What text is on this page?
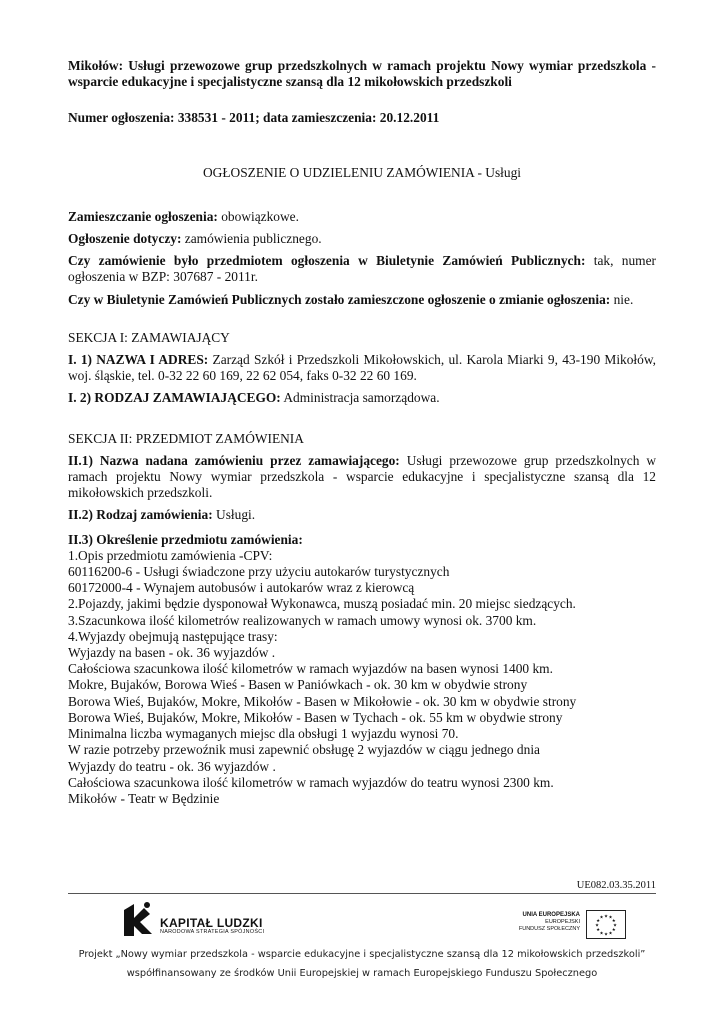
Mikołów: Usługi przewozowe grup przedszkolnych w ramach projektu Nowy wymiar przedszkola - wsparcie edukacyjne i specjalistyczne szansą dla 12 mikołowskich przedszkoli

Numer ogłoszenia: 338531 - 2011; data zamieszczenia: 20.12.2011

OGŁOSZENIE O UDZIELENIU ZAMÓWIENIA - Usługi

Zamieszczanie ogłoszenia: obowiązkowe.

Ogłoszenie dotyczy: zamówienia publicznego.

Czy zamówienie było przedmiotem ogłoszenia w Biuletynie Zamówień Publicznych: tak, numer ogłoszenia w BZP: 307687 - 2011r.

Czy w Biuletynie Zamówień Publicznych zostało zamieszczone ogłoszenie o zmianie ogłoszenia: nie.

SEKCJA I: ZAMAWIAJĄCY

I. 1) NAZWA I ADRES: Zarząd Szkół i Przedszkoli Mikołowskich, ul. Karola Miarki 9, 43-190 Mikołów, woj. śląskie, tel. 0-32 22 60 169, 22 62 054, faks 0-32 22 60 169.

I. 2) RODZAJ ZAMAWIAJĄCEGO: Administracja samorządowa.

SEKCJA II: PRZEDMIOT ZAMÓWIENIA

II.1) Nazwa nadana zamówieniu przez zamawiającego: Usługi przewozowe grup przedszkolnych w ramach projektu Nowy wymiar przedszkola - wsparcie edukacyjne i specjalistyczne szansą dla 12 mikołowskich przedszkoli.

II.2) Rodzaj zamówienia: Usługi.

II.3) Określenie przedmiotu zamówienia:

1.Opis przedmiotu zamówienia -CPV:
60116200-6 - Usługi świadczone przy użyciu autokarów turystycznych
60172000-4 - Wynajem autobusów i autokarów wraz z kierowcą
2.Pojazdy, jakimi będzie dysponował Wykonawca, muszą posiadać min. 20 miejsc siedzących.
3.Szacunkowa ilość kilometrów realizowanych w ramach umowy wynosi ok. 3700 km.
4.Wyjazdy obejmują następujące trasy:
Wyjazdy na basen - ok. 36 wyjazdów .
Całościowa szacunkowa ilość kilometrów w ramach wyjazdów na basen wynosi 1400 km.
Mokre, Bujaków, Borowa Wieś - Basen w Paniówkach - ok. 30 km w obydwie strony
Borowa Wieś, Bujaków, Mokre, Mikołów - Basen w Mikołowie - ok. 30 km w obydwie strony
Borowa Wieś, Bujaków, Mokre, Mikołów - Basen w Tychach - ok. 55 km w obydwie strony
Minimalna liczba wymaganych miejsc dla obsługi 1 wyjazdu wynosi 70.
W razie potrzeby przewoźnik musi zapewnić obsługę 2 wyjazdów w ciągu jednego dnia
Wyjazdy do teatru - ok. 36 wyjazdów .
Całościowa szacunkowa ilość kilometrów w ramach wyjazdów do teatru wynosi 2300 km.
Mikołów - Teatr w Będzinie
UE082.03.35.2011
KAPITAŁ LUDZKI
NARODOWA STRATEGIA SPÓJNOŚCI
UNIA EUROPEJSKA
EUROPEJSKI
FUNDUSZ SPOŁECZNY
★ ★
★
★
★
★
★
★
★
★
★
★
Projekt „Nowy wymiar przedszkola - wsparcie edukacyjne i specjalistyczne szansą dla 12 mikołowskich przedszkoli”
współfinansowany ze środków Unii Europejskiej w ramach Europejskiego Funduszu Społecznego
